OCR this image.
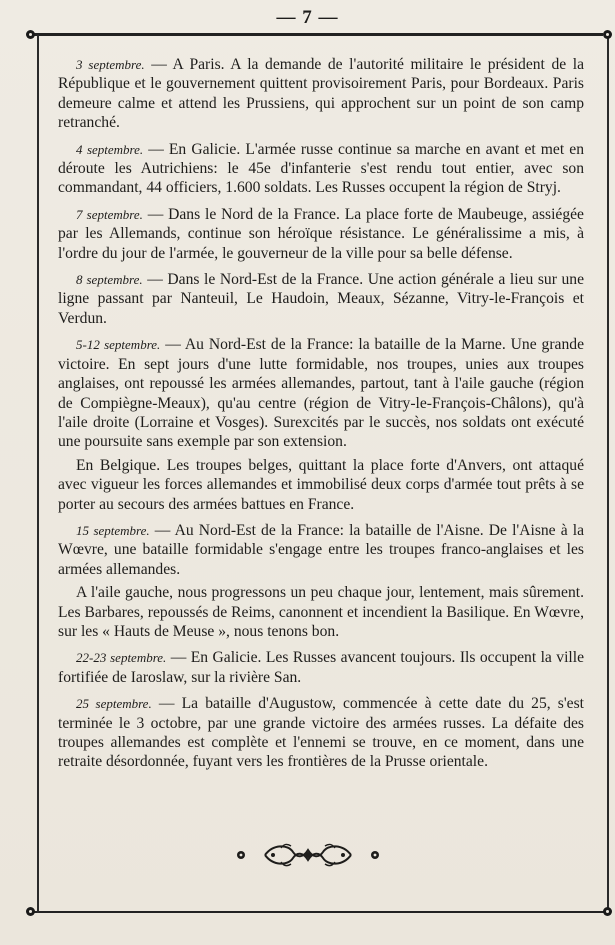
— 7 —

3 septembre. — A Paris. A la demande de l'autorité militaire le président de la République et le gouvernement quittent provisoirement Paris, pour Bordeaux. Paris demeure calme et attend les Prussiens, qui approchent sur un point de son camp retranché.

4 septembre. — En Galicie. L'armée russe continue sa marche en avant et met en déroute les Autrichiens: le 45e d'infanterie s'est rendu tout entier, avec son commandant, 44 officiers, 1.600 soldats. Les Russes occupent la région de Stryj.

7 septembre. — Dans le Nord de la France. La place forte de Maubeuge, assiégée par les Allemands, continue son héroïque résistance. Le généralissime a mis, à l'ordre du jour de l'armée, le gouverneur de la ville pour sa belle défense.

8 septembre. — Dans le Nord-Est de la France. Une action générale a lieu sur une ligne passant par Nanteuil, Le Haudoin, Meaux, Sézanne, Vitry-le-François et Verdun.

5-12 septembre. — Au Nord-Est de la France: la bataille de la Marne. Une grande victoire. En sept jours d'une lutte formidable, nos troupes, unies aux troupes anglaises, ont repoussé les armées allemandes, partout, tant à l'aile gauche (région de Compiègne-Meaux), qu'au centre (région de Vitry-le-François-Châlons), qu'à l'aile droite (Lorraine et Vosges). Surexcités par le succès, nos soldats ont exécuté une poursuite sans exemple par son extension.

En Belgique. Les troupes belges, quittant la place forte d'Anvers, ont attaqué avec vigueur les forces allemandes et immobilisé deux corps d'armée tout prêts à se porter au secours des armées battues en France.

15 septembre. — Au Nord-Est de la France: la bataille de l'Aisne. De l'Aisne à la Wœvre, une bataille formidable s'engage entre les troupes franco-anglaises et les armées allemandes.

A l'aile gauche, nous progressons un peu chaque jour, lentement, mais sûrement. Les Barbares, repoussés de Reims, canonnent et incendient la Basilique. En Wœvre, sur les « Hauts de Meuse », nous tenons bon.

22-23 septembre. — En Galicie. Les Russes avancent toujours. Ils occupent la ville fortifiée de Iaroslaw, sur la rivière San.

25 septembre. — La bataille d'Augustow, commencée à cette date du 25, s'est terminée le 3 octobre, par une grande victoire des armées russes. La défaite des troupes allemandes est complète et l'ennemi se trouve, en ce moment, dans une retraite désordonnée, fuyant vers les frontières de la Prusse orientale.
